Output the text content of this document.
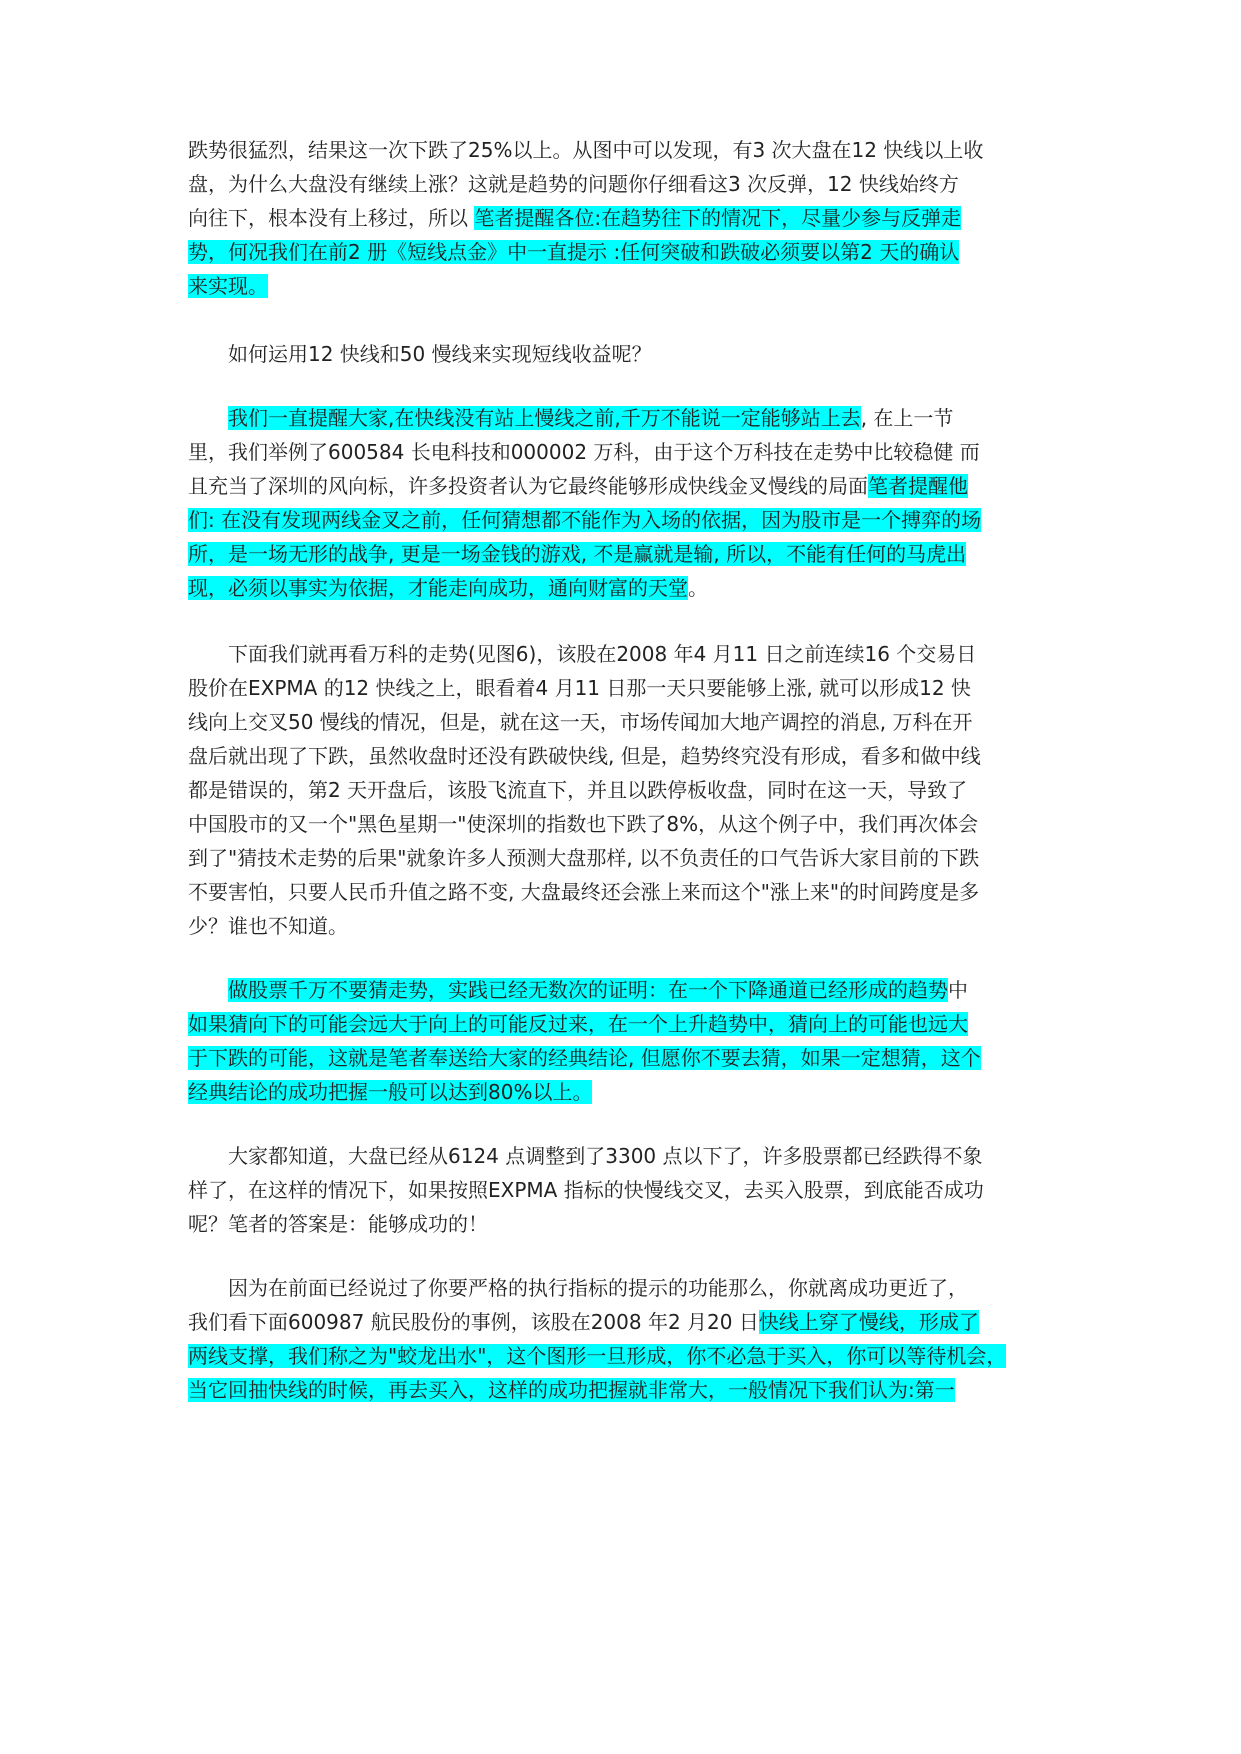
跌势很猛烈，结果这一次下跌了25%以上。从图中可以发现，有3 次大盘在12 快线以上收
盘，为什么大盘没有继续上涨？这就是趋势的问题你仔细看这3 次反弹，12 快线始终方
向往下，根本没有上移过，所以 笔者提醒各位:在趋势往下的情况下，尽量少参与反弹走
势，何况我们在前2 册《短线点金》中一直提示 :任何突破和跌破必须要以第2 天的确认
来实现。
如何运用12 快线和50 慢线来实现短线收益呢？
我们一直提醒大家,在快线没有站上慢线之前,千万不能说一定能够站上去, 在上一节
里，我们举例了600584 长电科技和000002 万科，由于这个万科技在走势中比较稳健 而
且充当了深圳的风向标，许多投资者认为它最终能够形成快线金叉慢线的局面笔者提醒他
们: 在没有发现两线金叉之前，任何猜想都不能作为入场的依据，因为股市是一个搏弈的场
所，是一场无形的战争, 更是一场金钱的游戏, 不是赢就是输, 所以，不能有任何的马虎出
现，必须以事实为依据，才能走向成功，通向财富的天堂。
下面我们就再看万科的走势(见图6)，该股在2008 年4 月11 日之前连续16 个交易日
股价在EXPMA 的12 快线之上，眼看着4 月11 日那一天只要能够上涨, 就可以形成12 快
线向上交叉50 慢线的情况，但是，就在这一天，市场传闻加大地产调控的消息, 万科在开
盘后就出现了下跌，虽然收盘时还没有跌破快线, 但是，趋势终究没有形成，看多和做中线
都是错误的，第2 天开盘后，该股飞流直下，并且以跌停板收盘，同时在这一天，导致了
中国股市的又一个"黑色星期一"使深圳的指数也下跌了8%，从这个例子中，我们再次体会
到了"猜技术走势的后果"就象许多人预测大盘那样, 以不负责任的口气告诉大家目前的下跌
不要害怕，只要人民币升值之路不变, 大盘最终还会涨上来而这个"涨上来"的时间跨度是多
少？谁也不知道。
做股票千万不要猜走势，实践已经无数次的证明：在一个下降通道已经形成的趋势中
如果猜向下的可能会远大于向上的可能反过来，在一个上升趋势中，猜向上的可能也远大
于下跌的可能，这就是笔者奉送给大家的经典结论, 但愿你不要去猜，如果一定想猜，这个
经典结论的成功把握一般可以达到80%以上。
大家都知道，大盘已经从6124 点调整到了3300 点以下了，许多股票都已经跌得不象
样了，在这样的情况下，如果按照EXPMA 指标的快慢线交叉，去买入股票，到底能否成功
呢？笔者的答案是：能够成功的！
因为在前面已经说过了你要严格的执行指标的提示的功能那么，你就离成功更近了，
我们看下面600987 航民股份的事例，该股在2008 年2 月20 日快线上穿了慢线，形成了
两线支撑，我们称之为"蛟龙出水"，这个图形一旦形成，你不必急于买入，你可以等待机会，
当它回抽快线的时候，再去买入，这样的成功把握就非常大，一般情况下我们认为:第一
